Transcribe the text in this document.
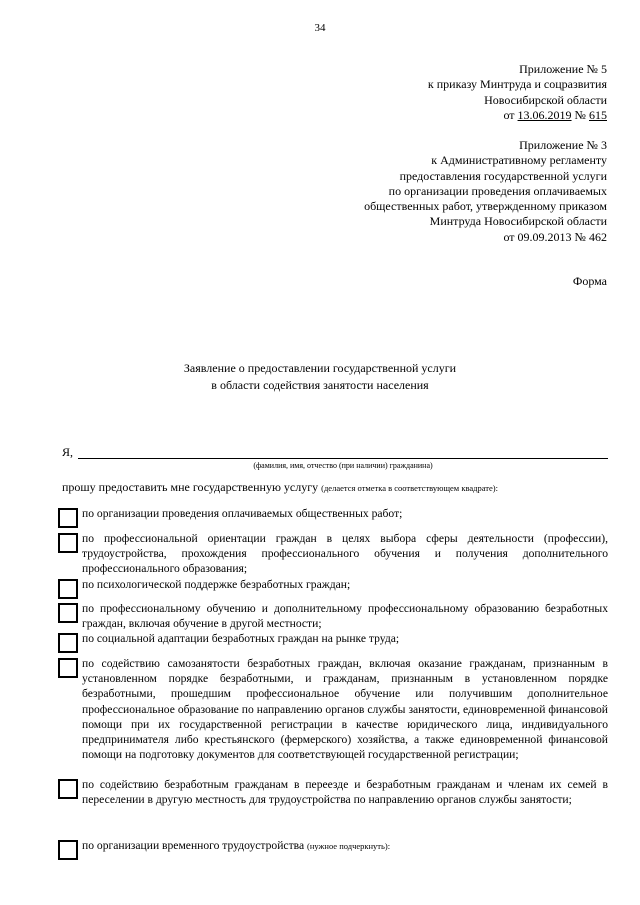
34
Приложение № 5
к приказу Минтруда и соцразвития
Новосибирской области
от 13.06.2019 № 615
Приложение № 3
к Административному регламенту
предоставления государственной услуги
по организации проведения оплачиваемых
общественных работ, утвержденному приказом
Минтруда Новосибирской области
от 09.09.2013 № 462
Форма
Заявление о предоставлении государственной услуги
в области содействия занятости населения
Я,
(фамилия, имя, отчество (при наличии) гражданина)
прошу предоставить мне государственную услугу (делается отметка в соответствующем квадрате):
по организации проведения оплачиваемых общественных работ;
по профессиональной ориентации граждан в целях выбора сферы деятельности (профессии), трудоустройства, прохождения профессионального обучения и получения дополнительного профессионального образования;
по психологической поддержке безработных граждан;
по профессиональному обучению и дополнительному профессиональному образованию безработных граждан, включая обучение в другой местности;
по социальной адаптации безработных граждан на рынке труда;
по содействию самозанятости безработных граждан, включая оказание гражданам, признанным в установленном порядке безработными, и гражданам, признанным в установленном порядке безработными, прошедшим профессиональное обучение или получившим дополнительное профессиональное образование по направлению органов службы занятости, единовременной финансовой помощи при их государственной регистрации в качестве юридического лица, индивидуального предпринимателя либо крестьянского (фермерского) хозяйства, а также единовременной финансовой помощи на подготовку документов для соответствующей государственной регистрации;
по содействию безработным гражданам в переезде и безработным гражданам и членам их семей в переселении в другую местность для трудоустройства по направлению органов службы занятости;
по организации временного трудоустройства (нужное подчеркнуть):
